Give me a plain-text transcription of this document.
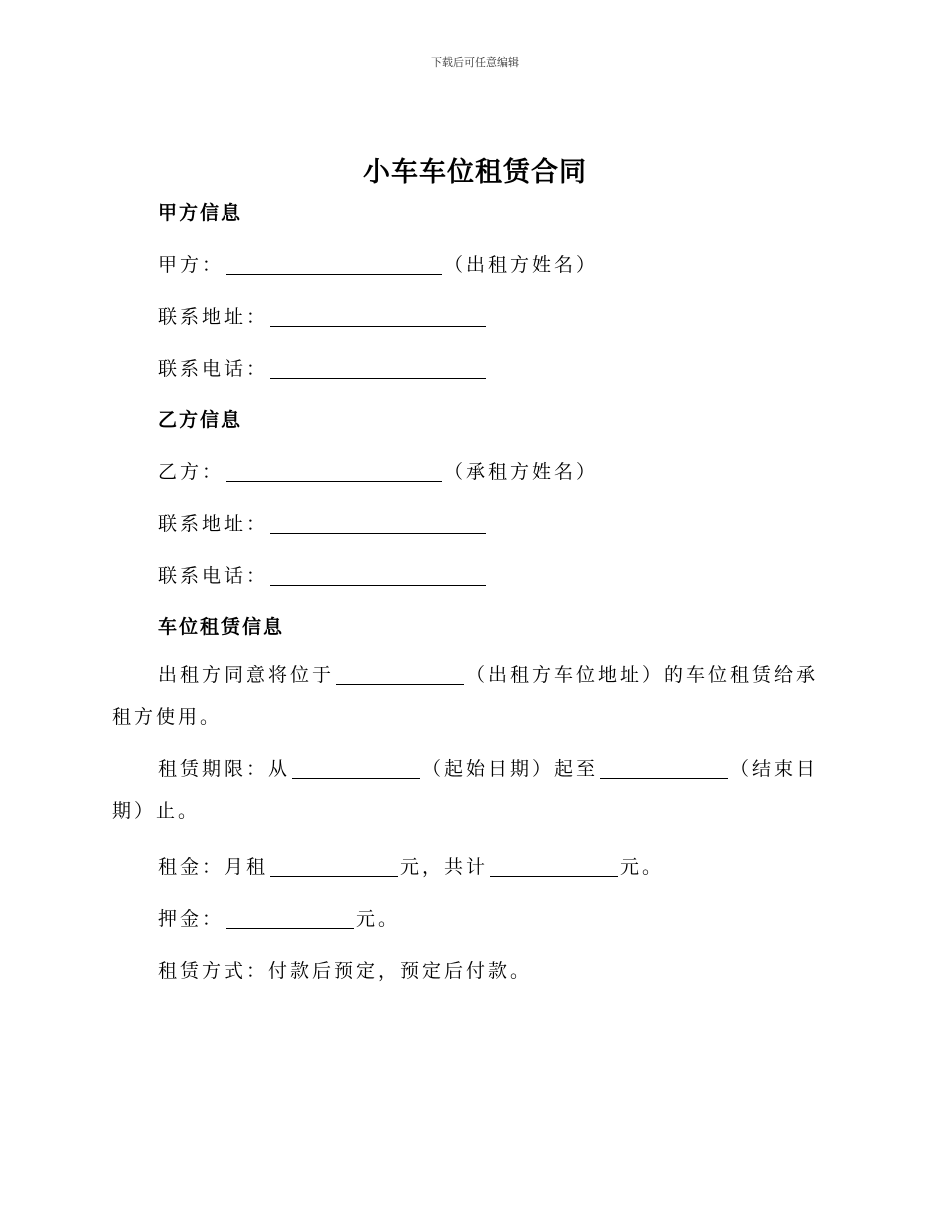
下载后可任意编辑
小车车位租赁合同
甲方信息
甲方：	（出租方姓名）
联系地址：
联系电话：
乙方信息
乙方：	（承租方姓名）
联系地址：
联系电话：
车位租赁信息
出租方同意将位于	（出租方车位地址）的车位租赁给承租方使用。
租赁期限：从	（起始日期）起至	（结束日期）止。
租金：月租	元，共计	元。
押金：	元。
租赁方式：付款后预定，预定后付款。
